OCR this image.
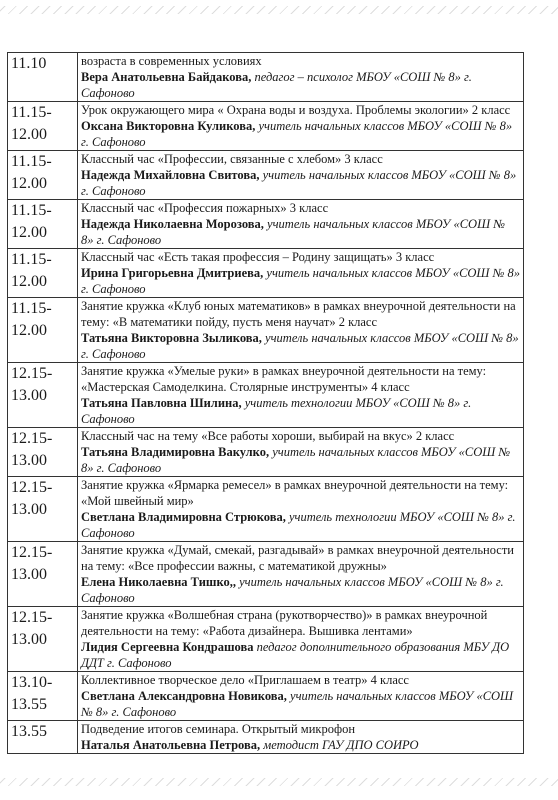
11.10	возраста в современных условиях
Вера Анатольевна Байдакова, педагог – психолог МБОУ «СОШ № 8» г. Сафоново
11.15-
12.00	Урок окружающего мира « Охрана воды и воздуха. Проблемы экологии» 2 класс
Оксана Викторовна Куликова, учитель начальных классов МБОУ «СОШ № 8» г. Сафоново
11.15-
12.00	Классный час «Профессии, связанные с хлебом» 3 класс
Надежда Михайловна Свитова, учитель начальных классов МБОУ «СОШ № 8» г. Сафоново
11.15-
12.00	Классный час «Профессия пожарных» 3 класс
Надежда Николаевна Морозова, учитель начальных классов МБОУ «СОШ № 8» г. Сафоново
11.15-
12.00	Классный час «Есть такая профессия – Родину защищать» 3 класс
Ирина Григорьевна Дмитриева, учитель начальных классов МБОУ «СОШ № 8» г. Сафоново
11.15-
12.00	Занятие кружка «Клуб юных математиков» в рамках внеурочной деятельности на тему: «В математики пойду, пусть меня научат» 2 класс
Татьяна Викторовна Зыликова, учитель начальных классов МБОУ «СОШ № 8» г. Сафоново
12.15-
13.00	Занятие кружка «Умелые руки» в рамках внеурочной деятельности на тему: «Мастерская Самоделкина. Столярные инструменты» 4 класс
Татьяна Павловна Шилина, учитель технологии МБОУ «СОШ № 8» г. Сафоново
12.15-
13.00	Классный час на тему «Все работы хороши, выбирай на вкус» 2 класс
Татьяна Владимировна Вакулко, учитель начальных классов МБОУ «СОШ № 8» г. Сафоново
12.15-
13.00	Занятие кружка «Ярмарка ремесел» в рамках внеурочной деятельности на тему: «Мой швейный мир»
Светлана Владимировна Стрюкова, учитель технологии МБОУ «СОШ № 8» г. Сафоново
12.15-
13.00	Занятие кружка «Думай, смекай, разгадывай» в рамках внеурочной деятельности на тему: «Все профессии важны, с математикой дружны»
Елена Николаевна Тишко,, учитель начальных классов МБОУ «СОШ № 8» г. Сафоново
12.15-
13.00	Занятие кружка «Волшебная страна (рукотворчество)» в рамках внеурочной деятельности на тему: «Работа дизайнера. Вышивка лентами»
Лидия Сергеевна Кондрашова педагог дополнительного образования МБУ ДО ДДТ г. Сафоново
13.10-
13.55	Коллективное творческое дело «Приглашаем в театр» 4 класс
Светлана Александровна Новикова, учитель начальных классов МБОУ «СОШ № 8» г. Сафоново
13.55	Подведение итогов семинара. Открытый микрофон
Наталья Анатольевна Петрова, методист ГАУ ДПО СОИРО
